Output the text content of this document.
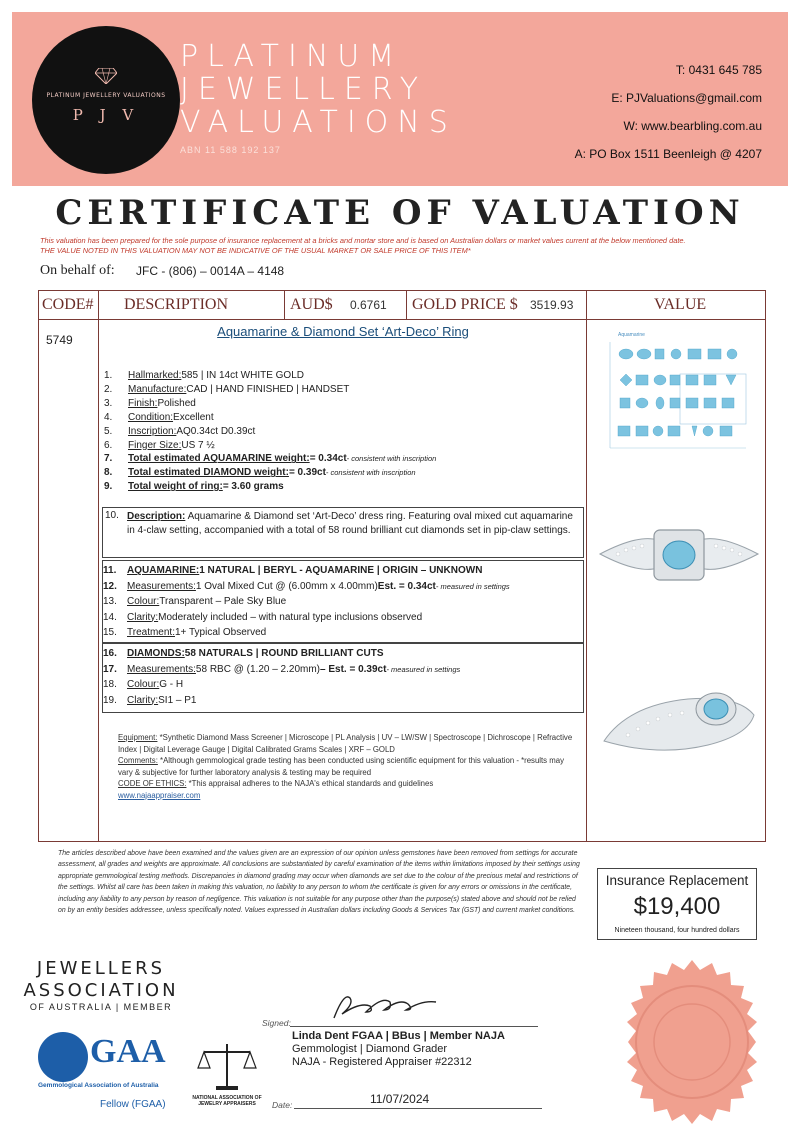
PLATINUM JEWELLERY VALUATIONS
P J V
PLATINUM
JEWELLERY
VALUATIONS
ABN 11 588 192 137
T: 0431 645 785
E: PJValuations@gmail.com
W: www.bearbling.com.au
A: PO Box 1511 Beenleigh @ 4207
CERTIFICATE OF VALUATION
This valuation has been prepared for the sole purpose of insurance replacement at a bricks and mortar store and is based on Australian dollars or market values current at the below mentioned date.
THE VALUE NOTED IN THIS VALUATION MAY NOT BE INDICATIVE OF THE USUAL MARKET OR SALE PRICE OF THIS ITEM*
On behalf of: JFC - (806) – 0014A – 4148
CODE# DESCRIPTION	AUD$ 0.6761 GOLD PRICE $ 3519.93	VALUE
5749
Aquamarine & Diamond Set ‘Art-Deco’ Ring
1.	Hallmarked: 585 | IN 14ct WHITE GOLD
2.	Manufacture: CAD | HAND FINISHED | HANDSET
3.	Finish: Polished
4.	Condition: Excellent
5.	Inscription: AQ0.34ct D0.39ct
6.	Finger Size: US 7 ½
7.	Total estimated AQUAMARINE weight: = 0.34ct - consistent with inscription
8.	Total estimated DIAMOND weight: = 0.39ct - consistent with inscription
9.	Total weight of ring: = 3.60 grams
10. Description: Aquamarine & Diamond set ‘Art-Deco’ dress ring. Featuring oval mixed cut aquamarine in 4-claw setting, accompanied with a total of 58 round brilliant cut diamonds set in pip-claw settings.
11.	AQUAMARINE: 1 NATURAL | BERYL - AQUAMARINE | ORIGIN – UNKNOWN
12.	Measurements: 1 Oval Mixed Cut @ (6.00mm x 4.00mm) Est. = 0.34ct - measured in settings
13.	Colour: Transparent – Pale Sky Blue
14.	Clarity: Moderately included – with natural type inclusions observed
15.	Treatment: 1+ Typical Observed
16.	DIAMONDS: 58 NATURALS | ROUND BRILLIANT CUTS
17.	Measurements: 58 RBC @ (1.20 – 2.20mm) – Est. = 0.39ct - measured in settings
18.	Colour: G - H
19.	Clarity: SI1 – P1
Equipment: *Synthetic Diamond Mass Screener | Microscope | PL Analysis | UV – LW/SW | Spectroscope | Dichroscope | Refractive Index | Digital Leverage Gauge | Digital Calibrated Grams Scales | XRF – GOLD
Comments: *Although gemmological grade testing has been conducted using scientific equipment for this valuation - *results may vary & subjective for further laboratory analysis & testing may be required
CODE OF ETHICS: *This appraisal adheres to the NAJA's ethical standards and guidelines
www.najaappraiser.com
Aquamarine
The articles described above have been examined and the values given are an expression of our opinion unless gemstones have been removed from settings for accurate assessment, all grades and weights are approximate. All conclusions are substantiated by careful examination of the items within limitations imposed by their settings using appropriate gemmological testing methods. Discrepancies in diamond grading may occur when diamonds are set due to the colour of the precious metal and restrictions of the settings. Whilst all care has been taken in making this valuation, no liability to any person to whom the certificate is given for any errors or omissions in the certificate, including any liability to any person by reason of negligence. This valuation is not suitable for any purpose other than the purpose(s) stated above and should not be relied on by an entity besides addressee, unless specifically noted. Values expressed in Australian dollars including Goods & Services Tax (GST) and current market conditions.
Insurance Replacement
$19,400
Nineteen thousand, four hundred dollars
JEWELLERS
ASSOCIATION
OF AUSTRALIA | MEMBER
GAA
Gemmological Association of Australia
Fellow (FGAA)
NATIONAL ASSOCIATION OF JEWELRY APPRAISERS
Signed:
Linda Dent FGAA | BBus | Member NAJA
Gemmologist | Diamond Grader
NAJA - Registered Appraiser #22312
Date:	11/07/2024
